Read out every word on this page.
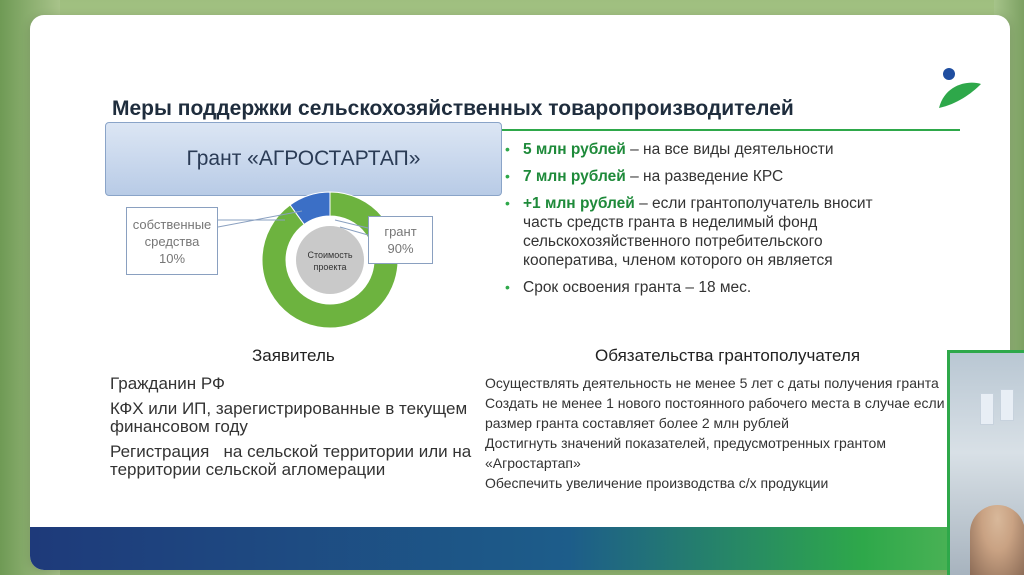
Меры поддержки сельскохозяйственных товаропроизводителей
Грант «АГРОСТАРТАП»
Стоимость
проекта
собственные
средства
10%
грант
90%
• 5 млн рублей – на все виды деятельности
• 7 млн рублей – на разведение КРС
• +1 млн рублей – если грантополучатель вносит часть средств гранта в неделимый фонд сельскохозяйственного потребительского кооператива, членом которого он является
• Срок освоения гранта – 18 мес.
Заявитель	Обязательства грантополучателя

Гражданин РФ

КФХ или ИП, зарегистрированные в текущем финансовом году

Регистрация   на сельской территории или на территории сельской агломерации

Осуществлять деятельность не менее 5 лет с даты получения гранта

Создать не менее 1 нового постоянного рабочего места в случае если размер гранта составляет более 2 млн рублей

Достигнуть значений показателей, предусмотренных грантом «Агростартап»

Обеспечить увеличение производства с/х продукции
